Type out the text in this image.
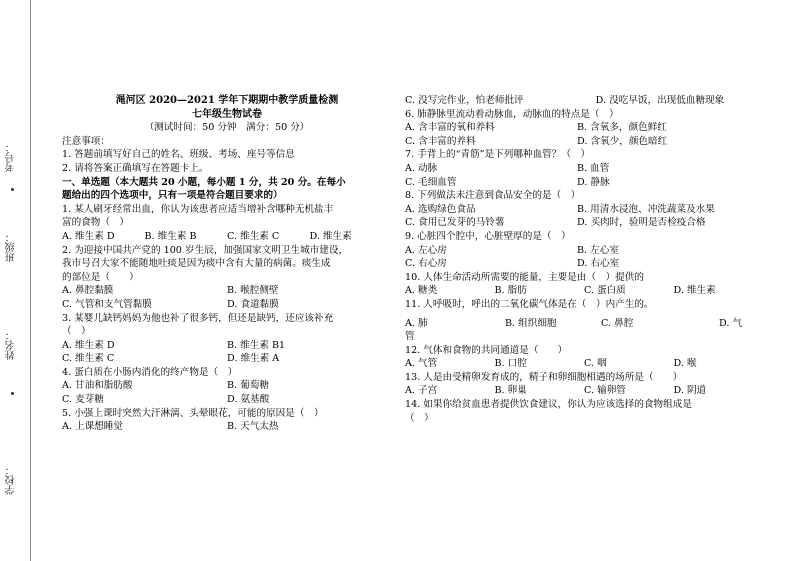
考号：
班级：
姓名：
学校：
渑河区 2020—2021 学年下期期中教学质量检测
七年级生物试卷
（测试时间：50 分钟　满分：50 分）
注意事项：
1. 答题前填写好自己的姓名、班级、考场、座号等信息
2. 请将答案正确填写在答题卡上。
一、单选题（本大题共 20 小题，每小题 1 分，共 20 分。在每小
题给出的四个选项中，只有一项是符合题目要求的）
1. 某人刷牙经常出血，你认为该患者应适当增补含哪种无机盐丰
富的食物（　）
A. 维生素 D	B. 维生素 B	C. 维生素 C	D. 维生素
2. 为迎接中国共产党的 100 岁生辰，加强国家文明卫生城市建设，
我市号召大家不能随地吐痰是因为痰中含有大量的病菌。痰生成
的部位是（　　）
A. 鼻腔黏膜	B. 喉腔侧壁
C. 气管和支气管黏膜	D. 食道黏膜
3. 某婴儿缺钙妈妈为他也补了很多钙，但还是缺钙，还应该补充
（　）
A. 维生素 D	B. 维生素 B1
C. 维生素 C	D. 维生素 A
4. 蛋白质在小肠内消化的终产物是（　）
A. 甘油和脂肪酸	B. 葡萄糖
C. 麦芽糖	D. 氨基酸
5. 小强上课时突然大汗淋漓、头晕眼花，可能的原因是（　）
A. 上课想睡觉	B. 天气太热
C. 没写完作业，怕老师批评	D. 没吃早饭，出现低血糖现象
6. 肺静脉里流动着动脉血，动脉血的特点是（　）
A. 含丰富的氧和养料	B. 含氧多，颜色鲜红
C. 含丰富的养料	D. 含氧少，颜色暗红
7. 手背上的“青筋”是下列哪种血管？（　）
A. 动脉	B. 血管
C. 毛细血管	D. 静脉
8. 下列做法未注意到食品安全的是（　）
A. 选购绿色食品	B. 用清水浸泡、冲洗蔬菜及水果
C. 食用已发芽的马铃薯	D. 买肉时，验明是否检疫合格
9. 心脏四个腔中，心脏壁厚的是（　）
A. 左心房	B. 左心室
C. 右心房	D. 右心室
10. 人体生命活动所需要的能量，主要是由（　）提供的
A. 糖类	B. 脂肪	C. 蛋白质	D. 维生素
11. 人呼吸时，呼出的二氧化碳气体是在（　）内产生的。
A. 肺	B. 组织细胞	C. 鼻腔	D. 气
管
12. 气体和食物的共同通道是（　　）
A. 气管	B. 口腔	C. 咽	D. 喉
13. 人是由受精卵发育成的，精子和卵细胞相遇的场所是（　　）
A. 子宫	B. 卵巢	C. 输卵管	D. 阴道
14. 如果你给贫血患者提供饮食建议，你认为应该选择的食物组成是
（　）
